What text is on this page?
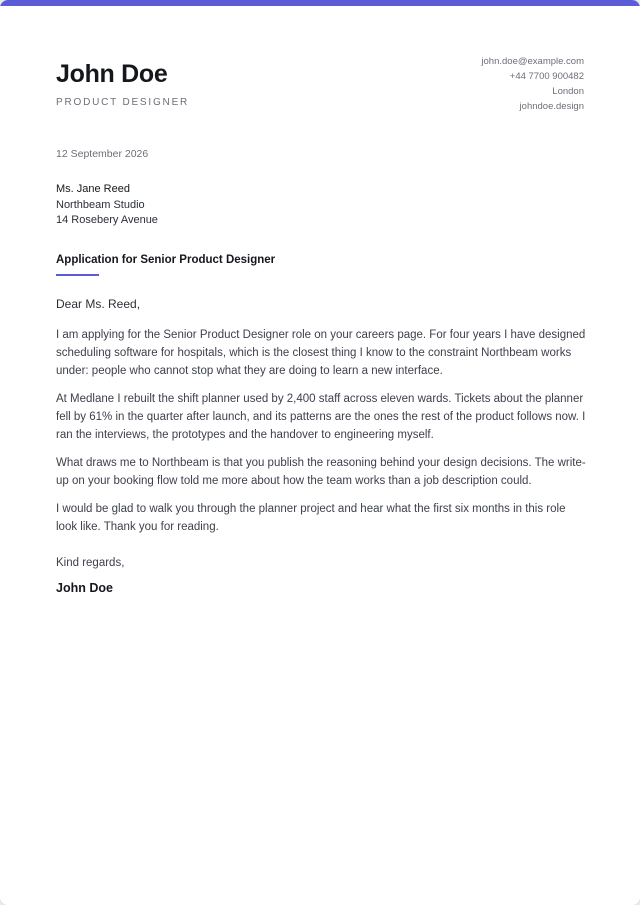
John Doe
PRODUCT DESIGNER
john.doe@example.com
+44 7700 900482
London
johndoe.design
12 September 2026
Ms. Jane Reed
Northbeam Studio
14 Rosebery Avenue
Application for Senior Product Designer
Dear Ms. Reed,

I am applying for the Senior Product Designer role on your careers page. For four years I have designed scheduling software for hospitals, which is the closest thing I know to the constraint Northbeam works under: people who cannot stop what they are doing to learn a new interface.

At Medlane I rebuilt the shift planner used by 2,400 staff across eleven wards. Tickets about the planner fell by 61% in the quarter after launch, and its patterns are the ones the rest of the product follows now. I ran the interviews, the prototypes and the handover to engineering myself.

What draws me to Northbeam is that you publish the reasoning behind your design decisions. The write-up on your booking flow told me more about how the team works than a job description could.

I would be glad to walk you through the planner project and hear what the first six months in this role look like. Thank you for reading.

Kind regards,
John Doe
